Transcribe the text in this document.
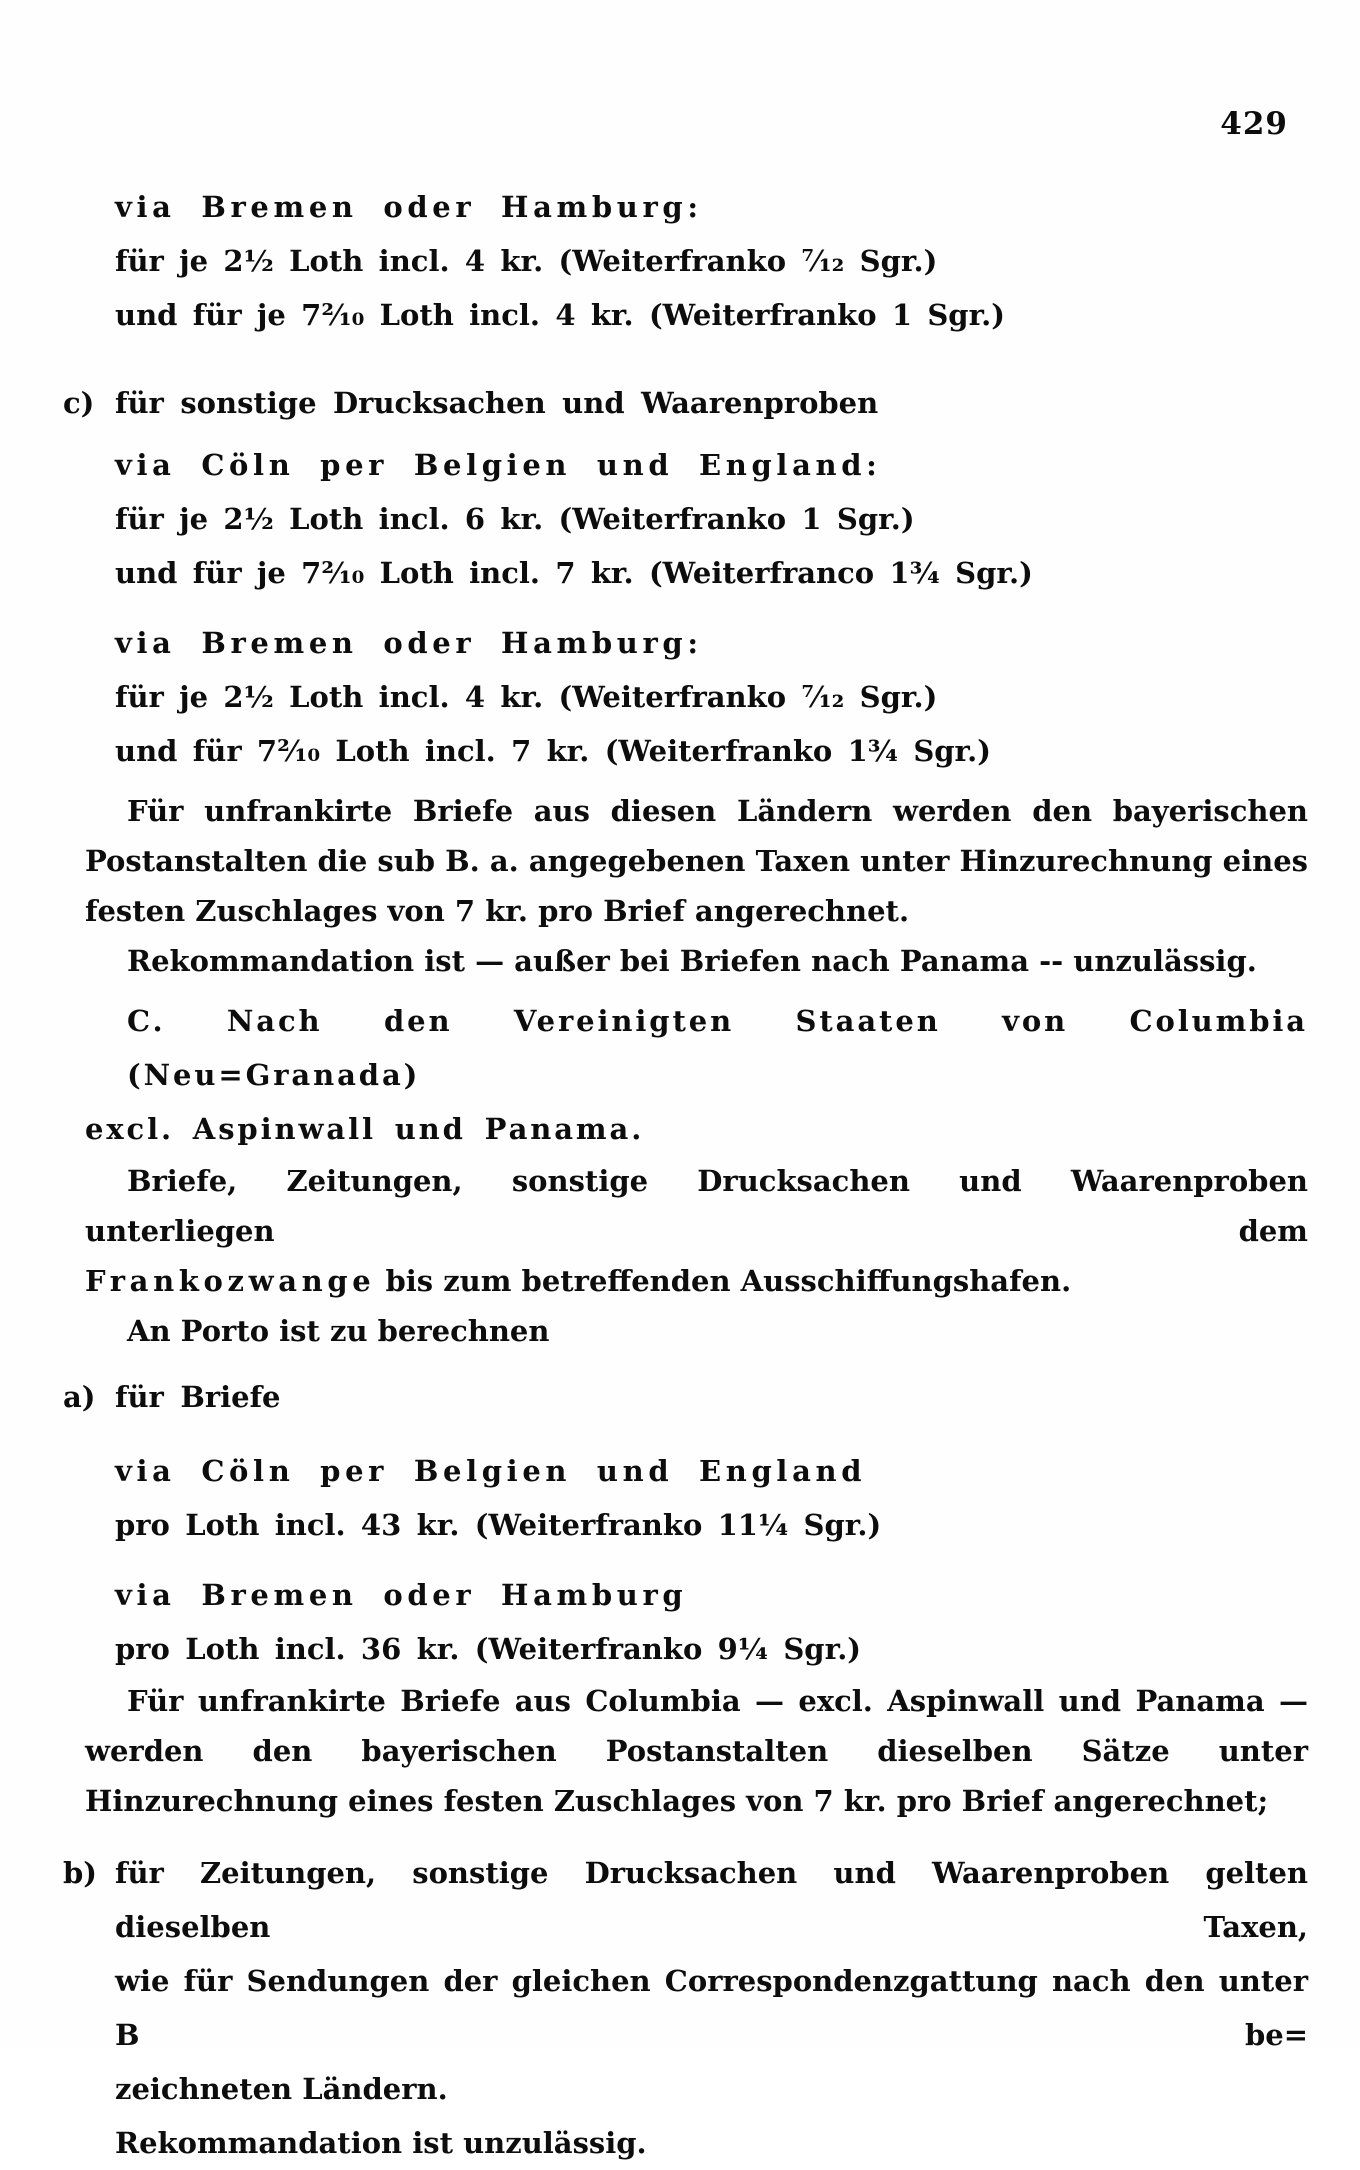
429
via Bremen oder Hamburg:
für je 2½ Loth incl. 4 kr. (Weiterfranko ⁷⁄₁₂ Sgr.)
und für je 7²⁄₁₀ Loth incl. 4 kr. (Weiterfranko 1 Sgr.)
c) für sonstige Drucksachen und Waarenproben
via Cöln per Belgien und England:
für je 2½ Loth incl. 6 kr. (Weiterfranko 1 Sgr.)
und für je 7²⁄₁₀ Loth incl. 7 kr. (Weiterfranco 1¾ Sgr.)
via Bremen oder Hamburg:
für je 2½ Loth incl. 4 kr. (Weiterfranko ⁷⁄₁₂ Sgr.)
und für 7²⁄₁₀ Loth incl. 7 kr. (Weiterfranko 1¾ Sgr.)
Für unfrankirte Briefe aus diesen Ländern werden den bayerischen Postanstalten die sub B. a. angegebenen Taxen unter Hinzurechnung eines festen Zuschlages von 7 kr. pro Brief angerechnet.
Rekommandation ist — außer bei Briefen nach Panama -- unzulässig.
C. Nach den Vereinigten Staaten von Columbia (Neu=Granada)
excl. Aspinwall und Panama.
Briefe, Zeitungen, sonstige Drucksachen und Waarenproben unterliegen dem
Frankozwange bis zum betreffenden Ausschiffungshafen.
An Porto ist zu berechnen
a) für Briefe
via Cöln per Belgien und England
pro Loth incl. 43 kr. (Weiterfranko 11¼ Sgr.)
via Bremen oder Hamburg
pro Loth incl. 36 kr. (Weiterfranko 9¼ Sgr.)
Für unfrankirte Briefe aus Columbia — excl. Aspinwall und Panama — werden den bayerischen Postanstalten dieselben Sätze unter Hinzurechnung eines festen Zuschlages von 7 kr. pro Brief angerechnet;
b) für Zeitungen, sonstige Drucksachen und Waarenproben gelten dieselben Taxen,
wie für Sendungen der gleichen Correspondenzgattung nach den unter B be=
zeichneten Ländern.
Rekommandation ist unzulässig.
